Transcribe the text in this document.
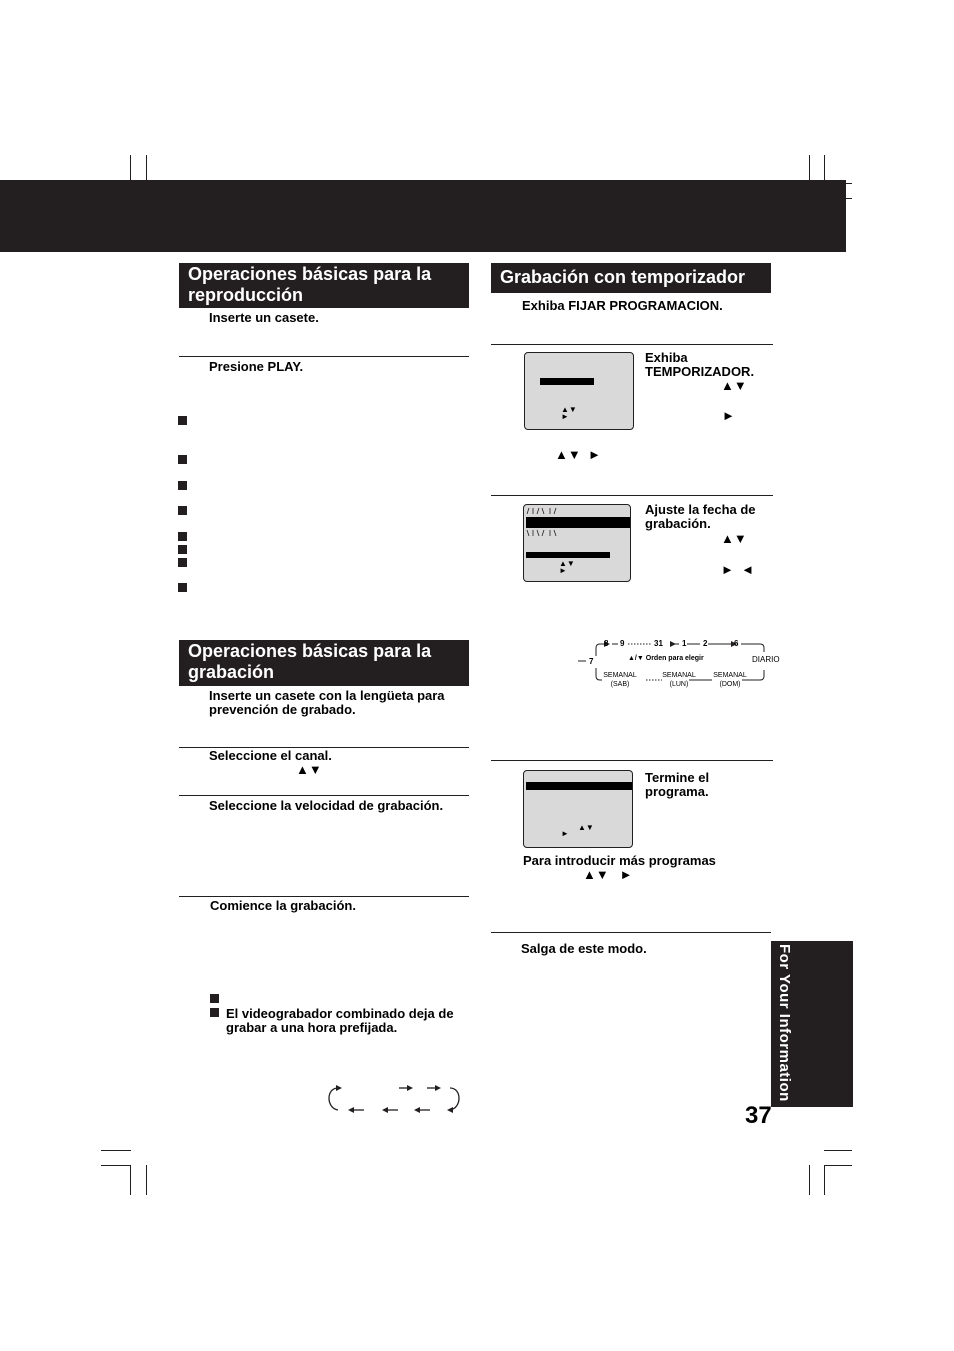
Operaciones básicas para la reproducción
Inserte un casete.
Presione PLAY.
Operaciones básicas para la grabación
Inserte un casete con la lengüeta para prevención de grabado.
Seleccione el canal.
▲▼
Seleccione la velocidad de grabación.
Comience la grabación.
El videograbador combinado deja de grabar a una hora prefijada.
Grabación con temporizador
Exhiba FIJAR PROGRAMACION.
▲▼
►
Exhiba TEMPORIZADOR.
▲▼
►
▲▼  ►
▲▼
►
Ajuste la fecha de grabación.
▲▼
►  ◄
8 9	31 1 2	6
7	▲/▼ Orden para elegir	DIARIO
SEMANAL
(SAB)
SEMANAL
(LUN)
SEMANAL
(DOM)
▲▼
►
Termine el programa.
Para introducir más programas
▲▼   ►
Salga de este modo.	For Your Information
37
